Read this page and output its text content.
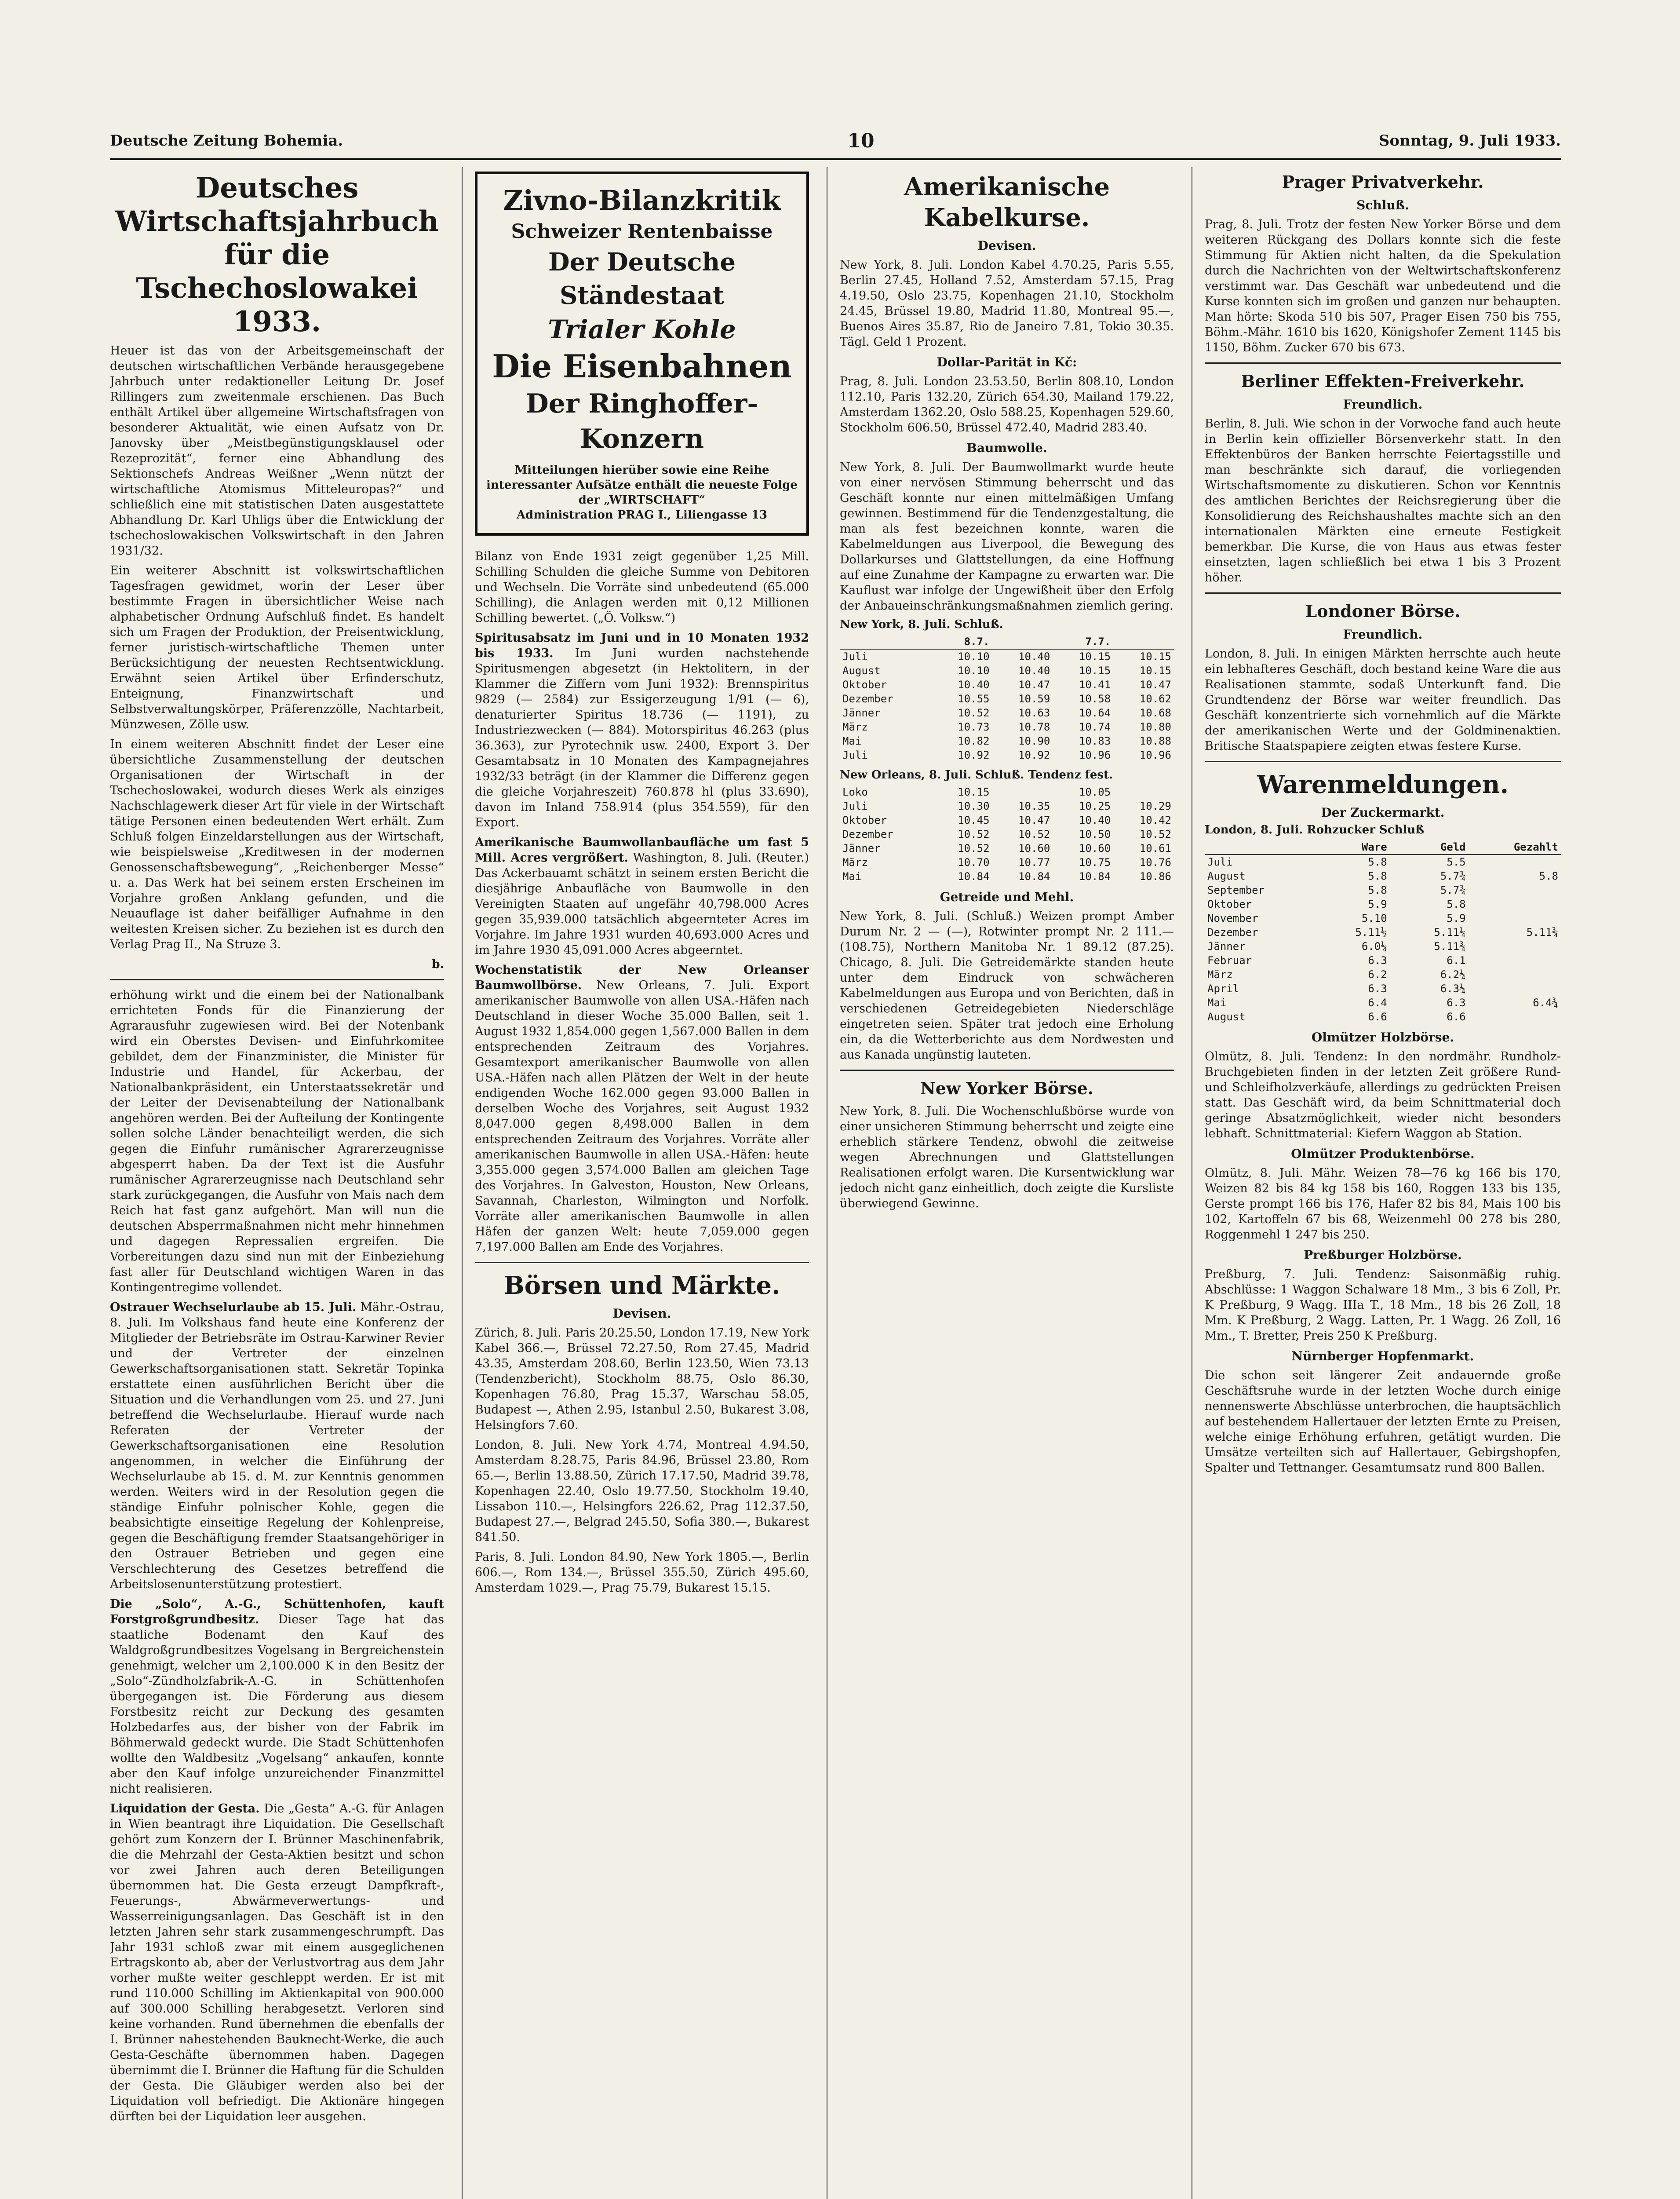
Deutsche Zeitung Bohemia.	10	Sonntag, 9. Juli 1933.
Deutsches Wirtschaftsjahrbuch für die Tschechoslowakei 1933.

Heuer ist das von der Arbeitsgemeinschaft der deutschen wirtschaftlichen Verbände herausgegebene Jahrbuch unter redaktioneller Leitung Dr. Josef Rillingers zum zweitenmale erschienen. Das Buch enthält Artikel über allgemeine Wirtschaftsfragen von besonderer Aktualität, wie einen Aufsatz von Dr. Janovsky über „Meistbegünstigungsklausel oder Rezeprozität“, ferner eine Abhandlung des Sektionschefs Andreas Weißner „Wenn nützt der wirtschaftliche Atomismus Mitteleuropas?“ und schließlich eine mit statistischen Daten ausgestattete Abhandlung Dr. Karl Uhligs über die Entwicklung der tschechoslowakischen Volkswirtschaft in den Jahren 1931/32.

Ein weiterer Abschnitt ist volkswirtschaftlichen Tagesfragen gewidmet, worin der Leser über bestimmte Fragen in übersichtlicher Weise nach alphabetischer Ordnung Aufschluß findet. Es handelt sich um Fragen der Produktion, der Preisentwicklung, ferner juristisch-wirtschaftliche Themen unter Berücksichtigung der neuesten Rechtsentwicklung. Erwähnt seien Artikel über Erfinderschutz, Enteignung, Finanzwirtschaft und Selbstverwaltungskörper, Präferenzzölle, Nachtarbeit, Münzwesen, Zölle usw.

In einem weiteren Abschnitt findet der Leser eine übersichtliche Zusammenstellung der deutschen Organisationen der Wirtschaft in der Tschechoslowakei, wodurch dieses Werk als einziges Nachschlagewerk dieser Art für viele in der Wirtschaft tätige Personen einen bedeutenden Wert erhält. Zum Schluß folgen Einzeldarstellungen aus der Wirtschaft, wie beispielsweise „Kreditwesen in der modernen Genossenschaftsbewegung“, „Reichenberger Messe“ u. a. Das Werk hat bei seinem ersten Erscheinen im Vorjahre großen Anklang gefunden, und die Neuauflage ist daher beifälliger Aufnahme in den weitesten Kreisen sicher. Zu beziehen ist es durch den Verlag Prag II., Na Struze 3.

b.

erhöhung wirkt und die einem bei der Nationalbank errichteten Fonds für die Finanzierung der Agrarausfuhr zugewiesen wird. Bei der Notenbank wird ein Oberstes Devisen- und Einfuhrkomitee gebildet, dem der Finanzminister, die Minister für Industrie und Handel, für Ackerbau, der Nationalbankpräsident, ein Unterstaatssekretär und der Leiter der Devisenabteilung der Nationalbank angehören werden. Bei der Aufteilung der Kontingente sollen solche Länder benachteiligt werden, die sich gegen die Einfuhr rumänischer Agrarerzeugnisse abgesperrt haben. Da der Text ist die Ausfuhr rumänischer Agrarerzeugnisse nach Deutschland sehr stark zurückgegangen, die Ausfuhr von Mais nach dem Reich hat fast ganz aufgehört. Man will nun die deutschen Absperrmaßnahmen nicht mehr hinnehmen und dagegen Repressalien ergreifen. Die Vorbereitungen dazu sind nun mit der Einbeziehung fast aller für Deutschland wichtigen Waren in das Kontingentregime vollendet.

Ostrauer Wechselurlaube ab 15. Juli. Mähr.-Ostrau, 8. Juli. Im Volkshaus fand heute eine Konferenz der Mitglieder der Betriebsräte im Ostrau-Karwiner Revier und der Vertreter der einzelnen Gewerkschaftsorganisationen statt. Sekretär Topinka erstattete einen ausführlichen Bericht über die Situation und die Verhandlungen vom 25. und 27. Juni betreffend die Wechselurlaube. Hierauf wurde nach Referaten der Vertreter der Gewerkschaftsorganisationen eine Resolution angenommen, in welcher die Einführung der Wechselurlaube ab 15. d. M. zur Kenntnis genommen werden. Weiters wird in der Resolution gegen die ständige Einfuhr polnischer Kohle, gegen die beabsichtigte einseitige Regelung der Kohlenpreise, gegen die Beschäftigung fremder Staatsangehöriger in den Ostrauer Betrieben und gegen eine Verschlechterung des Gesetzes betreffend die Arbeitslosenunterstützung protestiert.

Die „Solo“, A.-G., Schüttenhofen, kauft Forstgroßgrundbesitz. Dieser Tage hat das staatliche Bodenamt den Kauf des Waldgroßgrundbesitzes Vogelsang in Bergreichenstein genehmigt, welcher um 2,100.000 K in den Besitz der „Solo“-Zündholzfabrik-A.-G. in Schüttenhofen übergegangen ist. Die Förderung aus diesem Forstbesitz reicht zur Deckung des gesamten Holzbedarfes aus, der bisher von der Fabrik im Böhmerwald gedeckt wurde. Die Stadt Schüttenhofen wollte den Waldbesitz „Vogelsang“ ankaufen, konnte aber den Kauf infolge unzureichender Finanzmittel nicht realisieren.

Liquidation der Gesta. Die „Gesta“ A.-G. für Anlagen in Wien beantragt ihre Liquidation. Die Gesellschaft gehört zum Konzern der I. Brünner Maschinenfabrik, die die Mehrzahl der Gesta-Aktien besitzt und schon vor zwei Jahren auch deren Beteiligungen übernommen hat. Die Gesta erzeugt Dampfkraft-, Feuerungs-, Abwärmeverwertungs- und Wasserreinigungsanlagen. Das Geschäft ist in den letzten Jahren sehr stark zusammengeschrumpft. Das Jahr 1931 schloß zwar mit einem ausgeglichenen Ertragskonto ab, aber der Verlustvortrag aus dem Jahr vorher mußte weiter geschleppt werden. Er ist mit rund 110.000 Schilling im Aktienkapital von 900.000 auf 300.000 Schilling herabgesetzt. Verloren sind keine vorhanden. Rund übernehmen die ebenfalls der I. Brünner nahestehenden Bauknecht-Werke, die auch Gesta-Geschäfte übernommen haben. Dagegen übernimmt die I. Brünner die Haftung für die Schulden der Gesta. Die Gläubiger werden also bei der Liquidation voll befriedigt. Die Aktionäre hingegen dürften bei der Liquidation leer ausgehen.

Zivno-Bilanzkritik
Schweizer Rentenbaisse
Der Deutsche Ständestaat
Trialer Kohle
Die Eisenbahnen
Der Ringhoffer-Konzern
Mitteilungen hierüber sowie eine Reihe interessanter Aufsätze enthält die neueste Folge der „WIRTSCHAFT“
Administration PRAG I., Liliengasse 13

Bilanz von Ende 1931 zeigt gegenüber 1,25 Mill. Schilling Schulden die gleiche Summe von Debitoren und Wechseln. Die Vorräte sind unbedeutend (65.000 Schilling), die Anlagen werden mit 0,12 Millionen Schilling bewertet. („Ö. Volksw.“)

Spiritusabsatz im Juni und in 10 Monaten 1932 bis 1933. Im Juni wurden nachstehende Spiritusmengen abgesetzt (in Hektolitern, in der Klammer die Ziffern vom Juni 1932): Brennspiritus 9829 (— 2584) zur Essigerzeugung 1/91 (— 6), denaturierter Spiritus 18.736 (— 1191), zu Industriezwecken (— 884). Motorspiritus 46.263 (plus 36.363), zur Pyrotechnik usw. 2400, Export 3. Der Gesamtabsatz in 10 Monaten des Kampagnejahres 1932/33 beträgt (in der Klammer die Differenz gegen die gleiche Vorjahreszeit) 760.878 hl (plus 33.690), davon im Inland 758.914 (plus 354.559), für den Export.

Amerikanische Baumwollanbaufläche um fast 5 Mill. Acres vergrößert. Washington, 8. Juli. (Reuter.) Das Ackerbauamt schätzt in seinem ersten Bericht die diesjährige Anbaufläche von Baumwolle in den Vereinigten Staaten auf ungefähr 40,798.000 Acres gegen 35,939.000 tatsächlich abgeernteter Acres im Vorjahre. Im Jahre 1931 wurden 40,693.000 Acres und im Jahre 1930 45,091.000 Acres abgeerntet.

Wochenstatistik der New Orleanser Baumwollbörse. New Orleans, 7. Juli. Export amerikanischer Baumwolle von allen USA.-Häfen nach Deutschland in dieser Woche 35.000 Ballen, seit 1. August 1932 1,854.000 gegen 1,567.000 Ballen in dem entsprechenden Zeitraum des Vorjahres. Gesamtexport amerikanischer Baumwolle von allen USA.-Häfen nach allen Plätzen der Welt in der heute endigenden Woche 162.000 gegen 93.000 Ballen in derselben Woche des Vorjahres, seit August 1932 8,047.000 gegen 8,498.000 Ballen in dem entsprechenden Zeitraum des Vorjahres. Vorräte aller amerikanischen Baumwolle in allen USA.-Häfen: heute 3,355.000 gegen 3,574.000 Ballen am gleichen Tage des Vorjahres. In Galveston, Houston, New Orleans, Savannah, Charleston, Wilmington und Norfolk. Vorräte aller amerikanischen Baumwolle in allen Häfen der ganzen Welt: heute 7,059.000 gegen 7,197.000 Ballen am Ende des Vorjahres.

Börsen und Märkte.
Devisen.

Zürich, 8. Juli. Paris 20.25.50, London 17.19, New York Kabel 366.—, Brüssel 72.27.50, Rom 27.45, Madrid 43.35, Amsterdam 208.60, Berlin 123.50, Wien 73.13 (Tendenzbericht), Stockholm 88.75, Oslo 86.30, Kopenhagen 76.80, Prag 15.37, Warschau 58.05, Budapest —, Athen 2.95, Istanbul 2.50, Bukarest 3.08, Helsingfors 7.60.

London, 8. Juli. New York 4.74, Montreal 4.94.50, Amsterdam 8.28.75, Paris 84.96, Brüssel 23.80, Rom 65.—, Berlin 13.88.50, Zürich 17.17.50, Madrid 39.78, Kopenhagen 22.40, Oslo 19.77.50, Stockholm 19.40, Lissabon 110.—, Helsingfors 226.62, Prag 112.37.50, Budapest 27.—, Belgrad 245.50, Sofia 380.—, Bukarest 841.50.

Paris, 8. Juli. London 84.90, New York 1805.—, Berlin 606.—, Rom 134.—, Brüssel 355.50, Zürich 495.60, Amsterdam 1029.—, Prag 75.79, Bukarest 15.15.

Amerikanische Kabelkurse.
Devisen.

New York, 8. Juli. London Kabel 4.70.25, Paris 5.55, Berlin 27.45, Holland 7.52, Amsterdam 57.15, Prag 4.19.50, Oslo 23.75, Kopenhagen 21.10, Stockholm 24.45, Brüssel 19.80, Madrid 11.80, Montreal 95.—, Buenos Aires 35.87, Rio de Janeiro 7.81, Tokio 30.35. Tägl. Geld 1 Prozent.

Dollar-Parität in Kč:

Prag, 8. Juli. London 23.53.50, Berlin 808.10, London 112.10, Paris 132.20, Zürich 654.30, Mailand 179.22, Amsterdam 1362.20, Oslo 588.25, Kopenhagen 529.60, Stockholm 606.50, Brüssel 472.40, Madrid 283.40.

Baumwolle.

New York, 8. Juli. Der Baumwollmarkt wurde heute von einer nervösen Stimmung beherrscht und das Geschäft konnte nur einen mittelmäßigen Umfang gewinnen. Bestimmend für die Tendenzgestaltung, die man als fest bezeichnen konnte, waren die Kabelmeldungen aus Liverpool, die Bewegung des Dollarkurses und Glattstellungen, da eine Hoffnung auf eine Zunahme der Kampagne zu erwarten war. Die Kauflust war infolge der Ungewißheit über den Erfolg der Anbaueinschränkungsmaßnahmen ziemlich gering.

New York, 8. Juli. Schluß.
	8.7.		7.7.	
Juli	10.10	10.40	10.15	10.15
August	10.10	10.40	10.15	10.15
Oktober	10.40	10.47	10.41	10.47
Dezember	10.55	10.59	10.58	10.62
Jänner	10.52	10.63	10.64	10.68
März	10.73	10.78	10.74	10.80
Mai	10.82	10.90	10.83	10.88
Juli	10.92	10.92	10.96	10.96
New Orleans, 8. Juli. Schluß. Tendenz fest.
Loko	10.15		10.05	
Juli	10.30	10.35	10.25	10.29
Oktober	10.45	10.47	10.40	10.42
Dezember	10.52	10.52	10.50	10.52
Jänner	10.52	10.60	10.60	10.61
März	10.70	10.77	10.75	10.76
Mai	10.84	10.84	10.84	10.86
Getreide und Mehl.

New York, 8. Juli. (Schluß.) Weizen prompt Amber Durum Nr. 2 — (—), Rotwinter prompt Nr. 2 111.— (108.75), Northern Manitoba Nr. 1 89.12 (87.25). Chicago, 8. Juli. Die Getreidemärkte standen heute unter dem Eindruck von schwächeren Kabelmeldungen aus Europa und von Berichten, daß in verschiedenen Getreidegebieten Niederschläge eingetreten seien. Später trat jedoch eine Erholung ein, da die Wetterberichte aus dem Nordwesten und aus Kanada ungünstig lauteten.

New Yorker Börse.

New York, 8. Juli. Die Wochenschlußbörse wurde von einer unsicheren Stimmung beherrscht und zeigte eine erheblich stärkere Tendenz, obwohl die zeitweise wegen Abrechnungen und Glattstellungen Realisationen erfolgt waren. Die Kursentwicklung war jedoch nicht ganz einheitlich, doch zeigte die Kursliste überwiegend Gewinne.

Prager Privatverkehr.
Schluß.

Prag, 8. Juli. Trotz der festen New Yorker Börse und dem weiteren Rückgang des Dollars konnte sich die feste Stimmung für Aktien nicht halten, da die Spekulation durch die Nachrichten von der Weltwirtschaftskonferenz verstimmt war. Das Geschäft war unbedeutend und die Kurse konnten sich im großen und ganzen nur behaupten. Man hörte: Skoda 510 bis 507, Prager Eisen 750 bis 755, Böhm.-Mähr. 1610 bis 1620, Königshofer Zement 1145 bis 1150, Böhm. Zucker 670 bis 673.

Berliner Effekten-Freiverkehr.
Freundlich.

Berlin, 8. Juli. Wie schon in der Vorwoche fand auch heute in Berlin kein offizieller Börsenverkehr statt. In den Effektenbüros der Banken herrschte Feiertagsstille und man beschränkte sich darauf, die vorliegenden Wirtschaftsmomente zu diskutieren. Schon vor Kenntnis des amtlichen Berichtes der Reichsregierung über die Konsolidierung des Reichshaushaltes machte sich an den internationalen Märkten eine erneute Festigkeit bemerkbar. Die Kurse, die von Haus aus etwas fester einsetzten, lagen schließlich bei etwa 1 bis 3 Prozent höher.

Londoner Börse.
Freundlich.

London, 8. Juli. In einigen Märkten herrschte auch heute ein lebhafteres Geschäft, doch bestand keine Ware die aus Realisationen stammte, sodaß Unterkunft fand. Die Grundtendenz der Börse war weiter freundlich. Das Geschäft konzentrierte sich vornehmlich auf die Märkte der amerikanischen Werte und der Goldminenaktien. Britische Staatspapiere zeigten etwas festere Kurse.

Warenmeldungen.
Der Zuckermarkt.
London, 8. Juli. Rohzucker Schluß
	Ware		Geld	Gezahlt
Juli	5.8		5.5	
August	5.8		5.7¾	5.8
September	5.8		5.7¾	
Oktober	5.9		5.8	
November	5.10		5.9	
Dezember	5.11½		5.11¼	5.11¾
Jänner	6.0¼		5.11¾	
Februar	6.3		6.1	
März	6.2		6.2¼	
April	6.3		6.3¼	
Mai	6.4		6.3	6.4¾
August	6.6		6.6	
Olmützer Holzbörse.

Olmütz, 8. Juli. Tendenz: In den nordmähr. Rundholz-Bruchgebieten finden in der letzten Zeit größere Rund- und Schleifholzverkäufe, allerdings zu gedrückten Preisen statt. Das Geschäft wird, da beim Schnittmaterial doch geringe Absatzmöglichkeit, wieder nicht besonders lebhaft. Schnittmaterial: Kiefern Waggon ab Station.

Olmützer Produktenbörse.

Olmütz, 8. Juli. Mähr. Weizen 78—76 kg 166 bis 170, Weizen 82 bis 84 kg 158 bis 160, Roggen 133 bis 135, Gerste prompt 166 bis 176, Hafer 82 bis 84, Mais 100 bis 102, Kartoffeln 67 bis 68, Weizenmehl 00 278 bis 280, Roggenmehl 1 247 bis 250.

Preßburger Holzbörse.

Preßburg, 7. Juli. Tendenz: Saisonmäßig ruhig. Abschlüsse: 1 Waggon Schalware 18 Mm., 3 bis 6 Zoll, Pr. K Preßburg, 9 Wagg. IIIa T., 18 Mm., 18 bis 26 Zoll, 18 Mm. K Preßburg, 2 Wagg. Latten, Pr. 1 Wagg. 26 Zoll, 16 Mm., T. Bretter, Preis 250 K Preßburg.

Nürnberger Hopfenmarkt.

Die schon seit längerer Zeit andauernde große Geschäftsruhe wurde in der letzten Woche durch einige nennenswerte Abschlüsse unterbrochen, die hauptsächlich auf bestehendem Hallertauer der letzten Ernte zu Preisen, welche einige Erhöhung erfuhren, getätigt wurden. Die Umsätze verteilten sich auf Hallertauer, Gebirgshopfen, Spalter und Tettnanger. Gesamtumsatz rund 800 Ballen.
